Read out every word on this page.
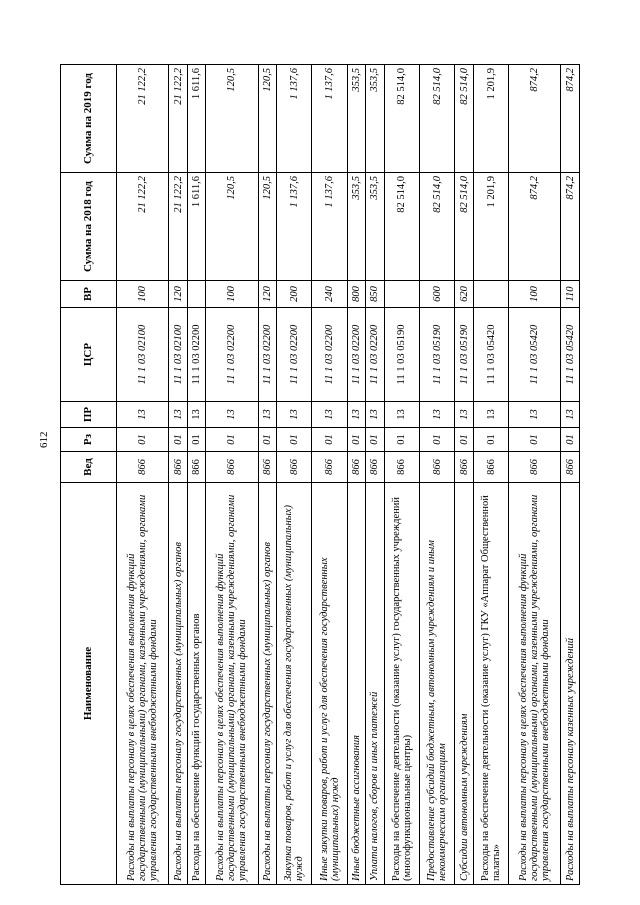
612
Наименование	Вед	Рз	ПР	ЦСР	ВР	Сумма на 2018 год	Сумма на 2019 год
Расходы на выплаты персоналу в целях обеспечения выполнения функций государственными (муниципальными) органами, казенными учреждениями, органами управления государственными внебюджетными фондами	866	01	13	11 1 03 02100	100	21 122,2	21 122,2
Расходы на выплаты персоналу государственных (муниципальных) органов	866	01	13	11 1 03 02100	120	21 122,2	21 122,2
Расходы на обеспечение функций государственных органов	866	01	13	11 1 03 02200		1 611,6	1 611,6
Расходы на выплаты персоналу в целях обеспечения выполнения функций государственными (муниципальными) органами, казенными учреждениями, органами управления государственными внебюджетными фондами	866	01	13	11 1 03 02200	100	120,5	120,5
Расходы на выплаты персоналу государственных (муниципальных) органов	866	01	13	11 1 03 02200	120	120,5	120,5
Закупка товаров, работ и услуг для обеспечения государственных (муниципальных) нужд	866	01	13	11 1 03 02200	200	1 137,6	1 137,6
Иные закупки товаров, работ и услуг для обеспечения государственных (муниципальных) нужд	866	01	13	11 1 03 02200	240	1 137,6	1 137,6
Иные бюджетные ассигнования	866	01	13	11 1 03 02200	800	353,5	353,5
Уплата налогов, сборов и иных платежей	866	01	13	11 1 03 02200	850	353,5	353,5
Расходы на обеспечение деятельности (оказание услуг) государственных учреждений (многофункциональные центры)	866	01	13	11 1 03 05190		82 514,0	82 514,0
Предоставление субсидий бюджетным, автономным учреждениям и иным некоммерческим организациям	866	01	13	11 1 03 05190	600	82 514,0	82 514,0
Субсидии автономным учреждениям	866	01	13	11 1 03 05190	620	82 514,0	82 514,0
Расходы на обеспечение деятельности (оказание услуг) ГКУ «Аппарат Общественной палаты»	866	01	13	11 1 03 05420		1 201,9	1 201,9
Расходы на выплаты персоналу в целях обеспечения выполнения функций государственными (муниципальными) органами, казенными учреждениями, органами управления государственными внебюджетными фондами	866	01	13	11 1 03 05420	100	874,2	874,2
Расходы на выплаты персоналу казенных учреждений	866	01	13	11 1 03 05420	110	874,2	874,2
